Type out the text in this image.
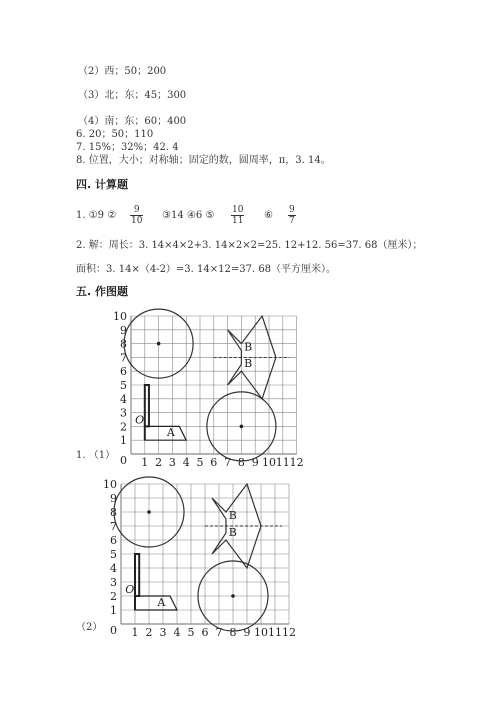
（2）西；50；200
（3）北；东；45；300
（4）南；东；60；400
6. 20；50；110
7. 15%；32%；42. 4
8. 位置，大小；对称轴；固定的数，圆周率，π，3. 14。
四. 计算题
1. ①9 ② $\frac{9}{10}$ ③14 ④6 ⑤ $\frac{10}{11}$ ⑥ $\frac{9}{7}$
2. 解：周长：3. 14×4×2+3. 14×2×2=25. 12+12. 56=37. 68（厘米）；
面积：3. 14×（4-2）=3. 14×12=37. 68（平方厘米）。
五. 作图题
1. （1）
（2）
1
2
3
4
5
6
7
8
9
10
1 2 3 4 5 6 7 8 9 10 11 12
0
B
B
A
O
1
2
3
4
5
6
7
8
9
10
1 2 3 4 5 6 7 8 9 10 11 12
0
B
B
A
O
